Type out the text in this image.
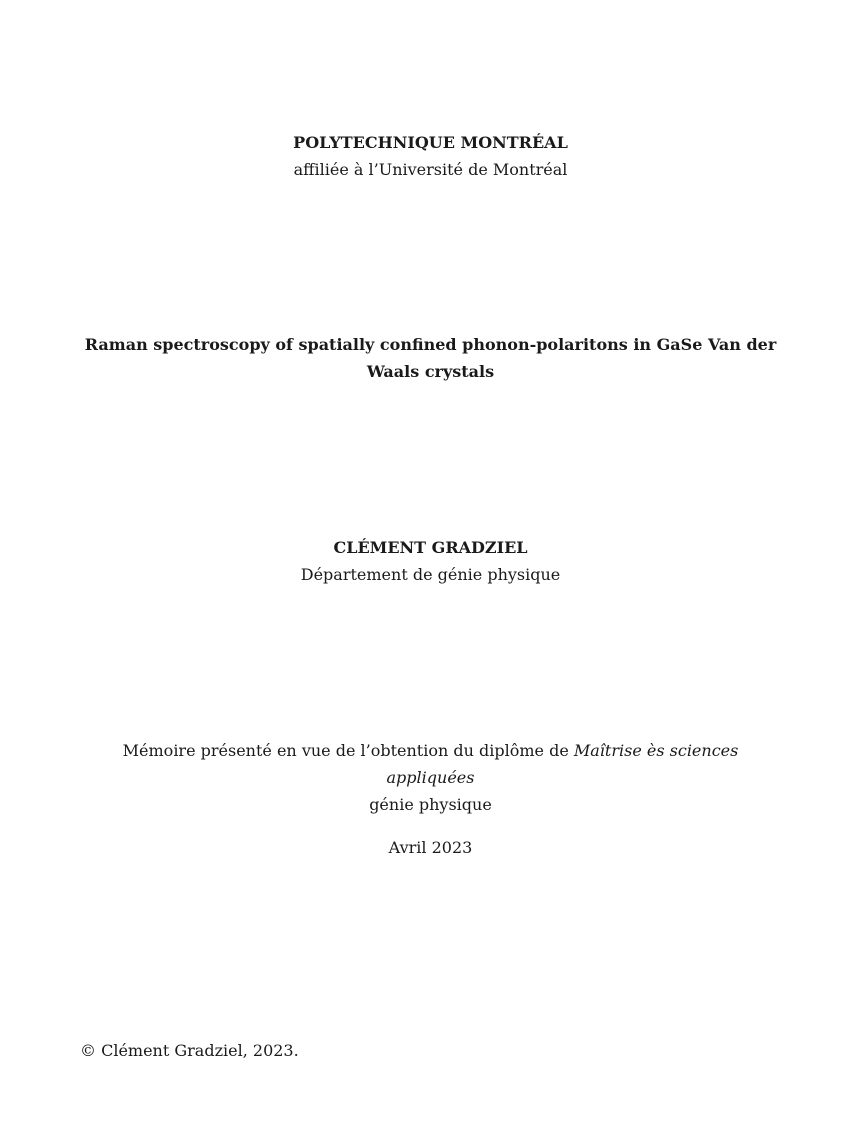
POLYTECHNIQUE MONTRÉAL
affiliée à l’Université de Montréal
Raman spectroscopy of spatially confined phonon-polaritons in GaSe Van der Waals crystals
CLÉMENT GRADZIEL
Département de génie physique
Mémoire présenté en vue de l’obtention du diplôme de Maîtrise ès sciences appliquées
génie physique
Avril 2023
© Clément Gradziel, 2023.
